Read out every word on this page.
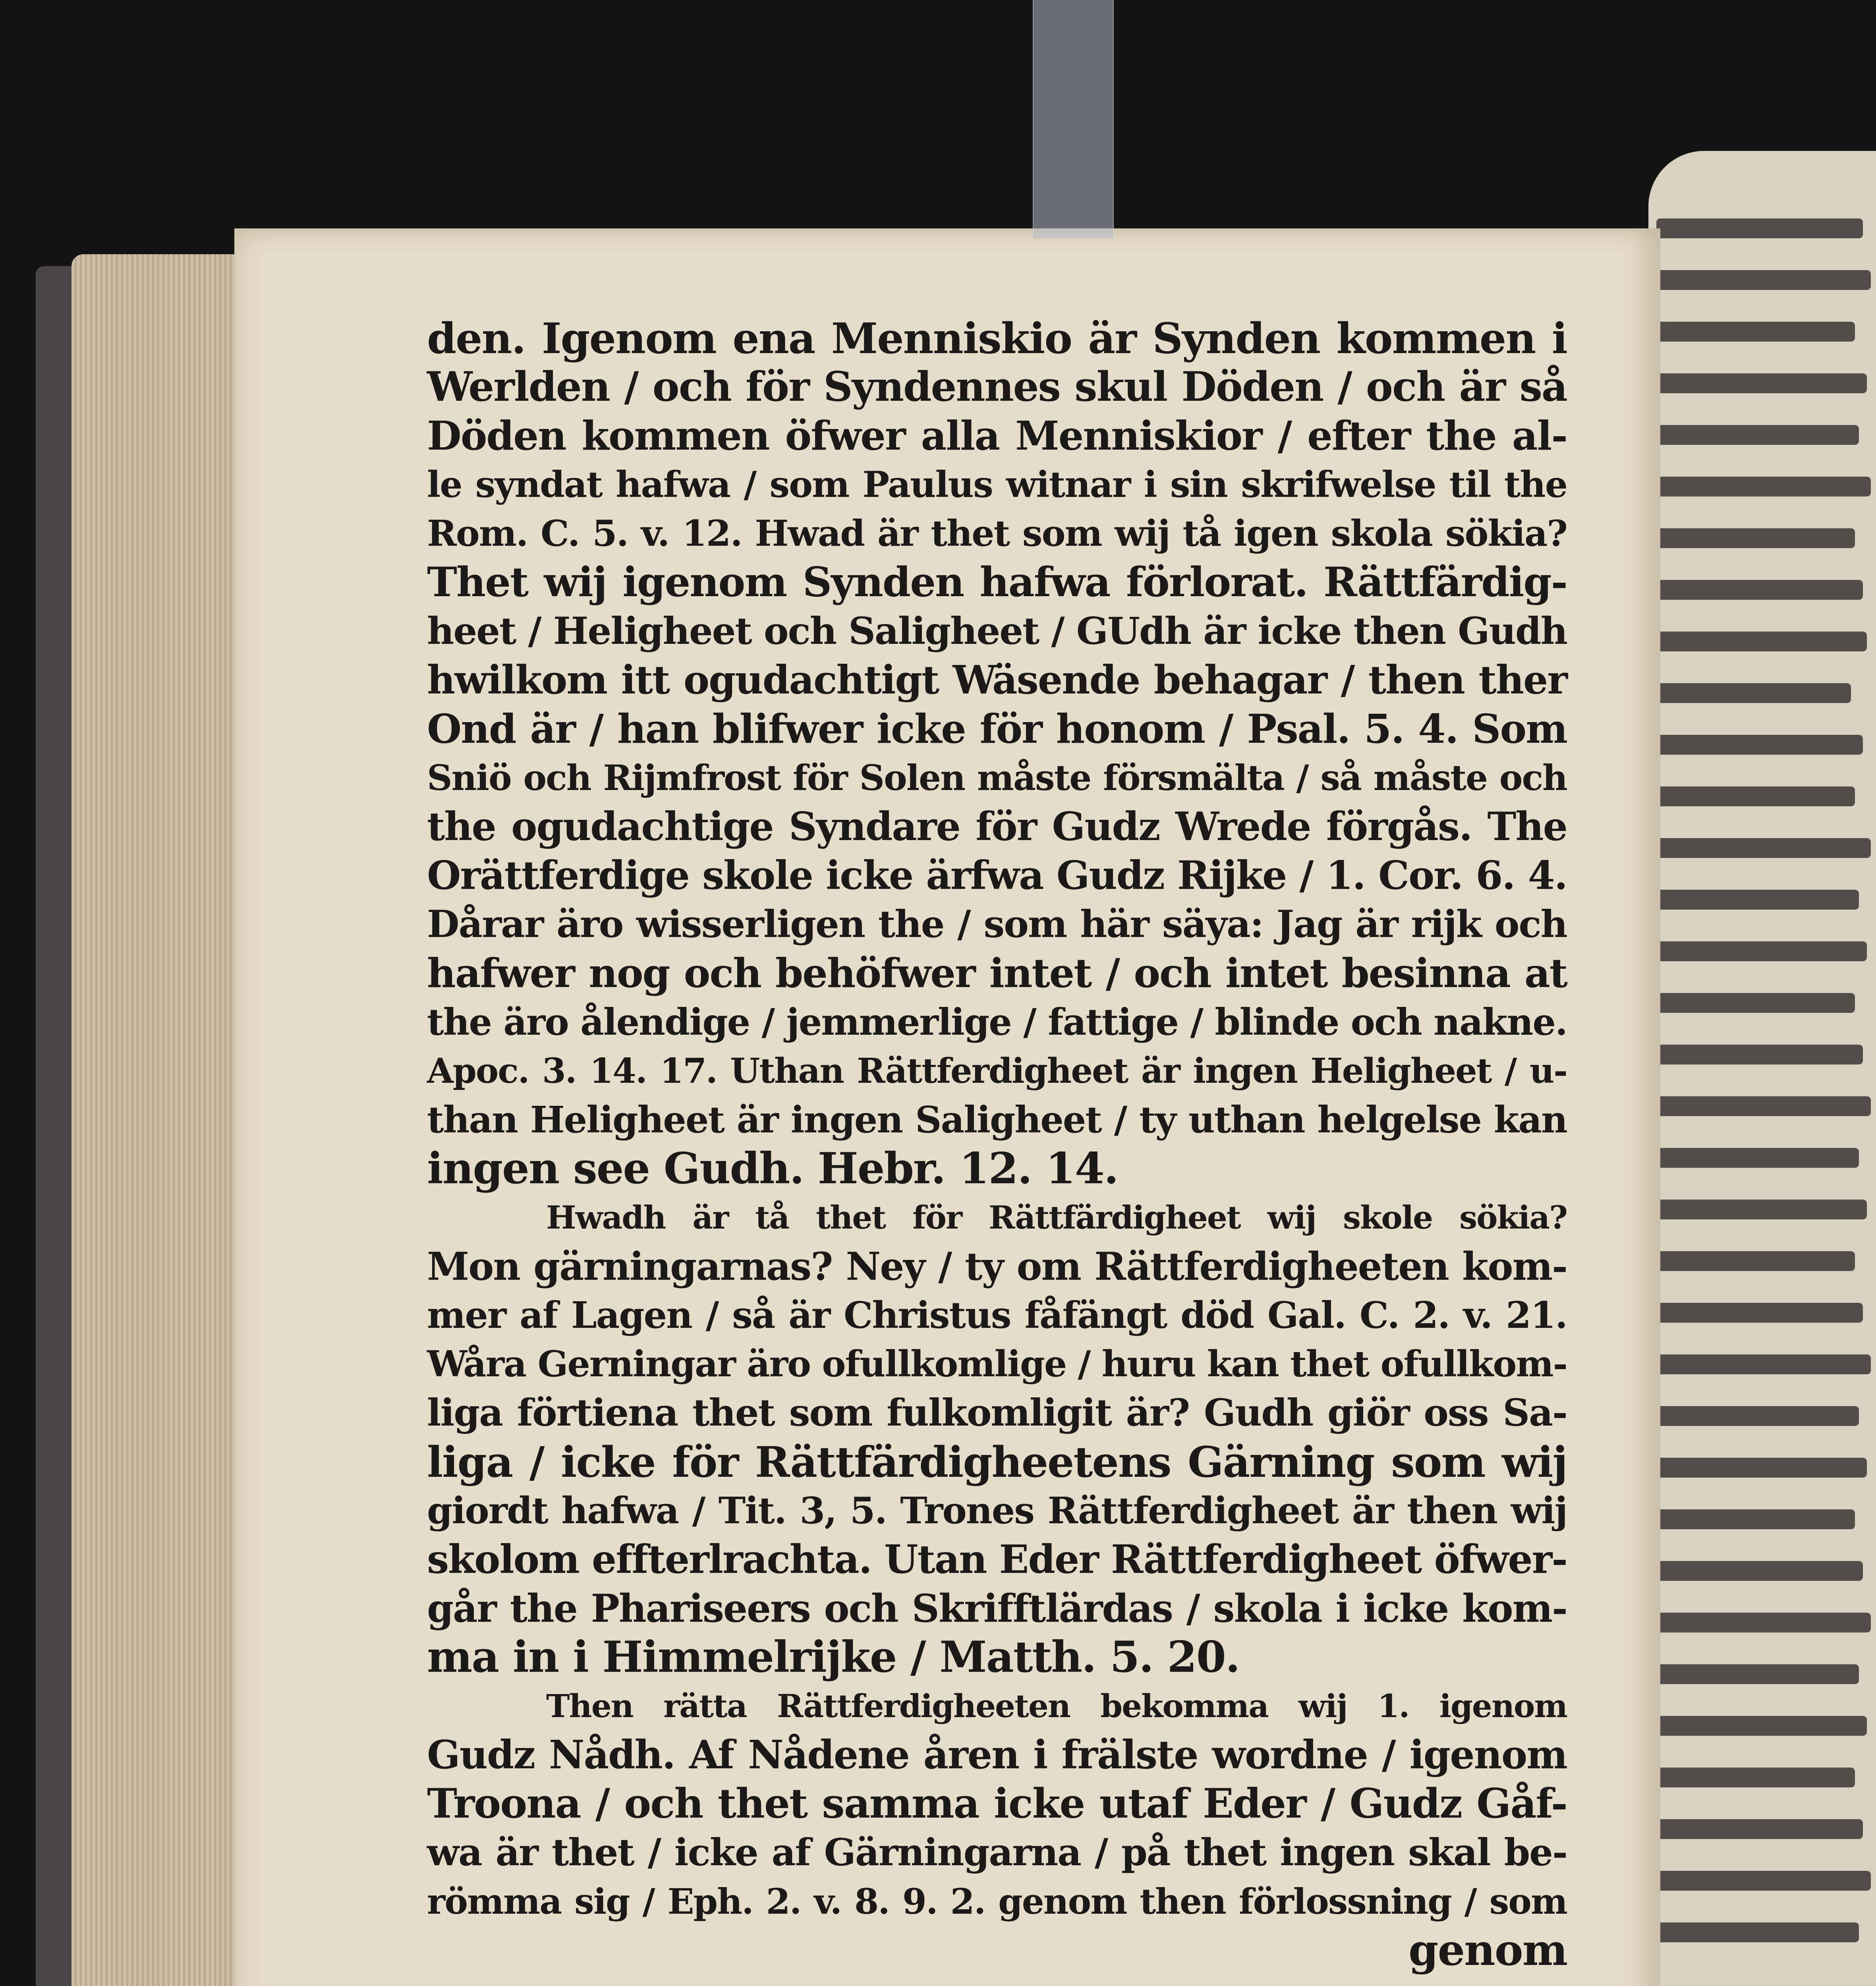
den. Igenom ena Menniskio är Synden kommen i
Werlden / och för Syndennes skul Döden / och är så
Döden kommen öfwer alla Menniskior / efter the al-
le syndat hafwa / som Paulus witnar i sin skrifwelse til the
Rom. C. 5. v. 12. Hwad är thet som wij tå igen skola sökia?
Thet wij igenom Synden hafwa förlorat. Rättfärdig-
heet / Heligheet och Saligheet / GUdh är icke then Gudh
hwilkom itt ogudachtigt Wäsende behagar / then ther
Ond är / han blifwer icke för honom / Psal. 5. 4. Som
Sniö och Rijmfrost för Solen måste försmälta / så måste och
the ogudachtige Syndare för Gudz Wrede förgås. The
Orättferdige skole icke ärfwa Gudz Rijke / 1. Cor. 6. 4.
Dårar äro wisserligen the / som här säya: Jag är rijk och
hafwer nog och behöfwer intet / och intet besinna at
the äro ålendige / jemmerlige / fattige / blinde och nakne.
Apoc. 3. 14. 17. Uthan Rättferdigheet är ingen Heligheet / u-
than Heligheet är ingen Saligheet / ty uthan helgelse kan
ingen see Gudh. Hebr. 12. 14.
Hwadh är tå thet för Rättfärdigheet wij skole sökia?
Mon gärningarnas? Ney / ty om Rättferdigheeten kom-
mer af Lagen / så är Christus fåfängt död Gal. C. 2. v. 21.
Wåra Gerningar äro ofullkomlige / huru kan thet ofullkom-
liga förtiena thet som fulkomligit är? Gudh giör oss Sa-
liga / icke för Rättfärdigheetens Gärning som wij
giordt hafwa / Tit. 3, 5. Trones Rättferdigheet är then wij
skolom effterlrachta. Utan Eder Rättferdigheet öfwer-
går the Phariseers och Skrifftlärdas / skola i icke kom-
ma in i Himmelrijke / Matth. 5. 20.
Then rätta Rättferdigheeten bekomma wij 1. igenom
Gudz Nådh. Af Nådene åren i frälste wordne / igenom
Troona / och thet samma icke utaf Eder / Gudz Gåf-
wa är thet / icke af Gärningarna / på thet ingen skal be-
römma sig / Eph. 2. v. 8. 9. 2. genom then förlossning / som
genom
